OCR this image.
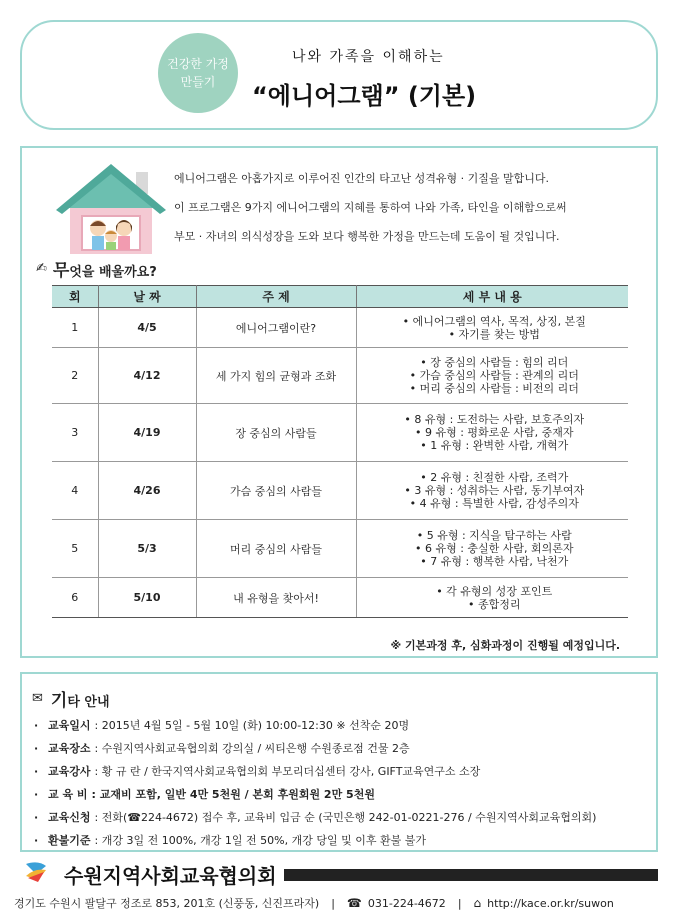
건강한 가정
만들기
나와 가족을 이해하는
“에니어그램” (기본)

에니어그램은 아홉가지로 이루어진 인간의 타고난 성격유형 · 기질을 말합니다.

이 프로그램은 9가지 에니어그램의 지혜를 통하여 나와 가족, 타인을 이해함으로써

부모 · 자녀의 의식성장을 도와 보다 행복한 가정을 만드는데 도움이 될 것입니다.

✍ 무엇을 배울까요?
회	날 짜	주 제	세 부 내 용
1	4/5	에니어그램이란?	• 에니어그램의 역사, 목적, 상징, 본질
• 자기를 찾는 방법

2	4/12	세 가지 힘의 균형과 조화	• 장 중심의 사람들 : 힘의 리더
• 가슴 중심의 사람들 : 관계의 리더
• 머리 중심의 사람들 : 비전의 리더

3	4/19	장 중심의 사람들	• 8 유형 : 도전하는 사람, 보호주의자
• 9 유형 : 평화로운 사람, 중재자
• 1 유형 : 완벽한 사람, 개혁가

4	4/26	가슴 중심의 사람들	• 2 유형 : 친절한 사람, 조력가
• 3 유형 : 성취하는 사람, 동기부여자
• 4 유형 : 특별한 사람, 감성주의자

5	5/3	머리 중심의 사람들	• 5 유형 : 지식을 탐구하는 사람
• 6 유형 : 충실한 사람, 회의론자
• 7 유형 : 행복한 사람, 낙천가

6	5/10	내 유형을 찾아서!	• 각 유형의 성장 포인트
• 종합정리
※ 기본과정 후, 심화과정이 진행될 예정입니다.
✉ 기타 안내
· 교육일시 : 2015년 4월 5일 - 5월 10일 (화) 10:00-12:30 ※ 선착순 20명
· 교육장소 : 수원지역사회교육협의회 강의실 / 씨티은행 수원종로점 건물 2층
· 교육강사 : 황 규 란 / 한국지역사회교육협의회 부모리더십센터 강사, GIFT교육연구소 소장
· 교 육 비 : 교재비 포함, 일반 4만 5천원 / 본회 후원회원 2만 5천원
· 교육신청 : 전화(☎224-4672) 접수 후, 교육비 입금 순 (국민은행 242-01-0221-276 / 수원지역사회교육협의회)
· 환불기준 : 개강 3일 전 100%, 개강 1일 전 50%, 개강 당일 및 이후 환불 불가
수원지역사회교육협의회
경기도 수원시 팔달구 정조로 853, 201호 (신풍동, 신진프라자) | ☎ 031-224-4672 | ⌂ http://kace.or.kr/suwon
